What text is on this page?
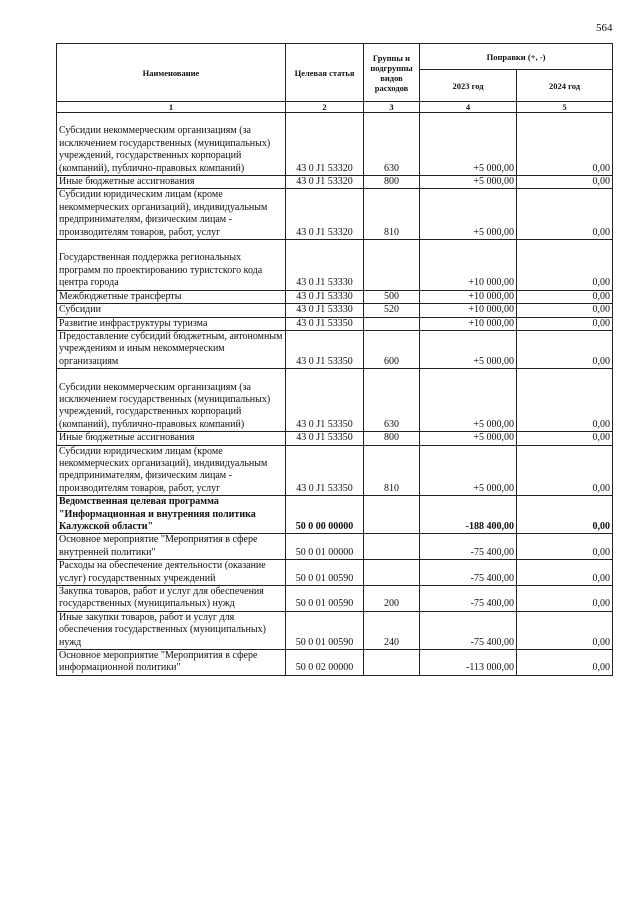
564
Наименование	Целевая статья	Группы и подгруппы видов расходов	Поправки (+, -)	
			2023 год	2024 год
1	2	3	4	5

Субсидии некоммерческим организациям (за исключением государственных (муниципальных) учреждений, государственных корпораций (компаний), публично-правовых компаний)	43 0 J1 53320	630	+5 000,00	0,00
Иные бюджетные ассигнования	43 0 J1 53320	800	+5 000,00	0,00
Субсидии юридическим лицам (кроме некоммерческих организаций), индивидуальным предпринимателям, физическим лицам - производителям товаров, работ, услуг	43 0 J1 53320	810	+5 000,00	0,00

Государственная поддержка региональных программ по проектированию туристского кода центра города	43 0 J1 53330		+10 000,00	0,00
Межбюджетные трансферты	43 0 J1 53330	500	+10 000,00	0,00
Субсидии	43 0 J1 53330	520	+10 000,00	0,00
Развитие инфраструктуры туризма	43 0 J1 53350		+10 000,00	0,00
Предоставление субсидий бюджетным, автономным учреждениям и иным некоммерческим организациям	43 0 J1 53350	600	+5 000,00	0,00

Субсидии некоммерческим организациям (за исключением государственных (муниципальных) учреждений, государственных корпораций (компаний), публично-правовых компаний)	43 0 J1 53350	630	+5 000,00	0,00
Иные бюджетные ассигнования	43 0 J1 53350	800	+5 000,00	0,00
Субсидии юридическим лицам (кроме некоммерческих организаций), индивидуальным предпринимателям, физическим лицам - производителям товаров, работ, услуг	43 0 J1 53350	810	+5 000,00	0,00
Ведомственная целевая программа "Информационная и внутренняя политика Калужской области"	50 0 00 00000		-188 400,00	0,00
Основное мероприятие "Мероприятия в сфере внутренней политики"	50 0 01 00000		-75 400,00	0,00
Расходы на обеспечение деятельности (оказание услуг) государственных учреждений	50 0 01 00590		-75 400,00	0,00
Закупка товаров, работ и услуг для обеспечения государственных (муниципальных) нужд	50 0 01 00590	200	-75 400,00	0,00
Иные закупки товаров, работ и услуг для обеспечения государственных (муниципальных) нужд	50 0 01 00590	240	-75 400,00	0,00
Основное мероприятие "Мероприятия в сфере информационной политики"	50 0 02 00000		-113 000,00	0,00
